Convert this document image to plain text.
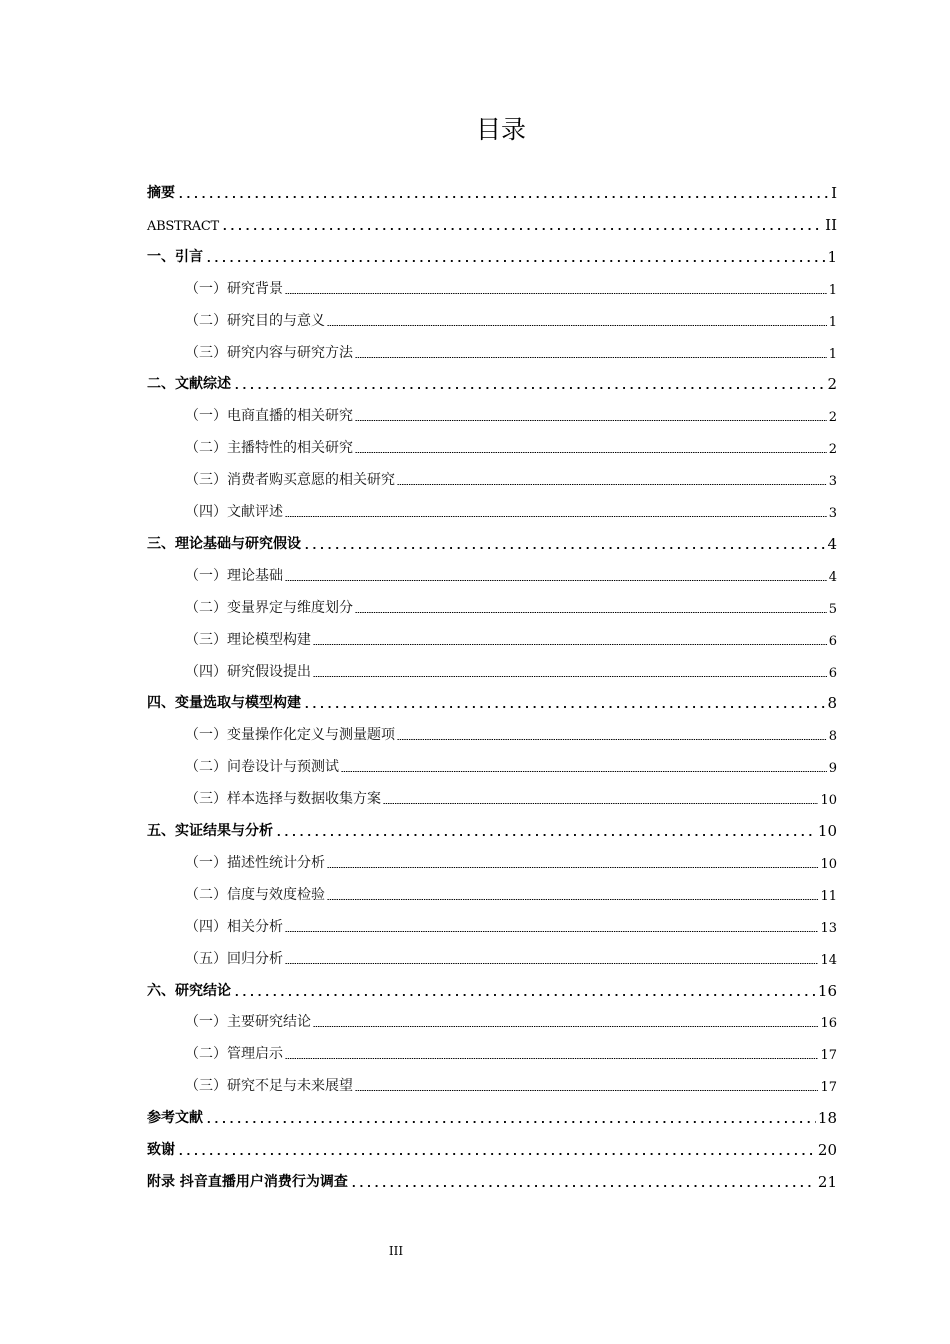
目录
摘要	I
ABSTRACT	II
一、引言	1
（一）研究背景	1
（二）研究目的与意义	1
（三）研究内容与研究方法	1
二、文献综述	2
（一）电商直播的相关研究	2
（二）主播特性的相关研究	2
（三）消费者购买意愿的相关研究	3
（四）文献评述	3
三、理论基础与研究假设	4
（一）理论基础	4
（二）变量界定与维度划分	5
（三）理论模型构建	6
（四）研究假设提出	6
四、变量选取与模型构建	8
（一）变量操作化定义与测量题项	8
（二）问卷设计与预测试	9
（三）样本选择与数据收集方案	10
五、实证结果与分析	10
（一）描述性统计分析	10
（二）信度与效度检验	11
（四）相关分析	13
（五）回归分析	14
六、研究结论	16
（一）主要研究结论	16
（二）管理启示	17
（三）研究不足与未来展望	17
参考文献	18
致谢	20
附录 抖音直播用户消费行为调查	21
III
